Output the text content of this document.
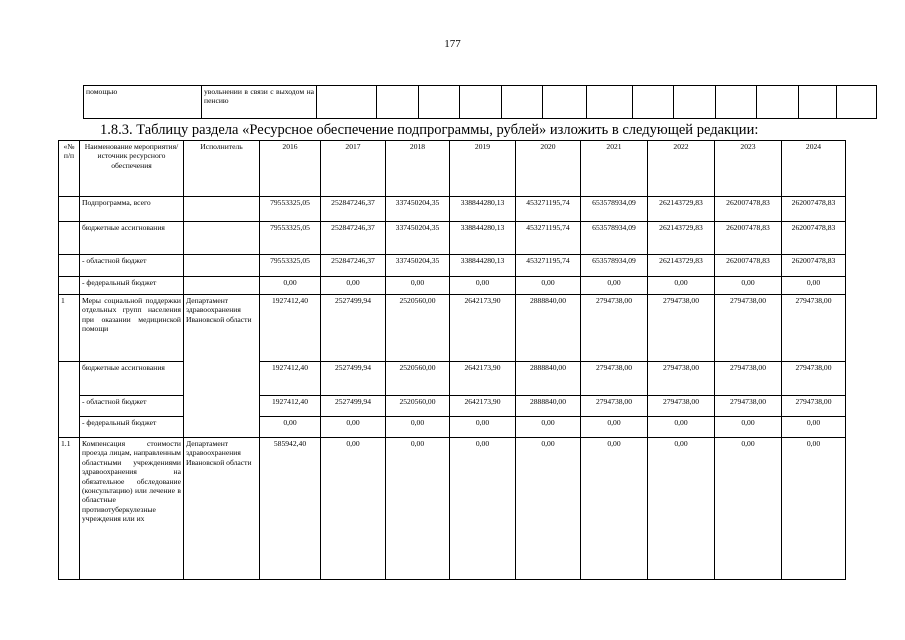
177
помощью	увольнении в связи с выходом на пенсию													
1.8.3. Таблицу раздела «Ресурсное обеспечение подпрограммы, рублей» изложить в следующей редакции:
«№ п/п	Наименование мероприятия/источник ресурсного обеспечения	Исполнитель	2016	2017	2018	2019	2020	2021	2022	2023	2024
	Подпрограмма, всего		79553325,05	252847246,37	337450204,35	338844280,13	453271195,74	653578934,09	262143729,83	262007478,83	262007478,83
	бюджетные ассигнования		79553325,05	252847246,37	337450204,35	338844280,13	453271195,74	653578934,09	262143729,83	262007478,83	262007478,83
	- областной бюджет		79553325,05	252847246,37	337450204,35	338844280,13	453271195,74	653578934,09	262143729,83	262007478,83	262007478,83
	- федеральный бюджет		0,00	0,00	0,00	0,00	0,00	0,00	0,00	0,00	0,00
1	Меры социальной поддержки отдельных групп населения при оказании медицинской помощи	Департамент здравоохранения Ивановской области	1927412,40	2527499,94	2520560,00	2642173,90	2888840,00	2794738,00	2794738,00	2794738,00	2794738,00
	бюджетные ассигнования		1927412,40	2527499,94	2520560,00	2642173,90	2888840,00	2794738,00	2794738,00	2794738,00	2794738,00
	- областной бюджет		1927412,40	2527499,94	2520560,00	2642173,90	2888840,00	2794738,00	2794738,00	2794738,00	2794738,00
	- федеральный бюджет		0,00	0,00	0,00	0,00	0,00	0,00	0,00	0,00	0,00
1.1	Компенсация стоимости проезда лицам, направленным областными учреждениями здравоохранения на обязательное обследование (консультацию) или лечение в областные противотуберкулезные учреждения или их	Департамент здравоохранения Ивановской области	585942,40	0,00	0,00	0,00	0,00	0,00	0,00	0,00	0,00
